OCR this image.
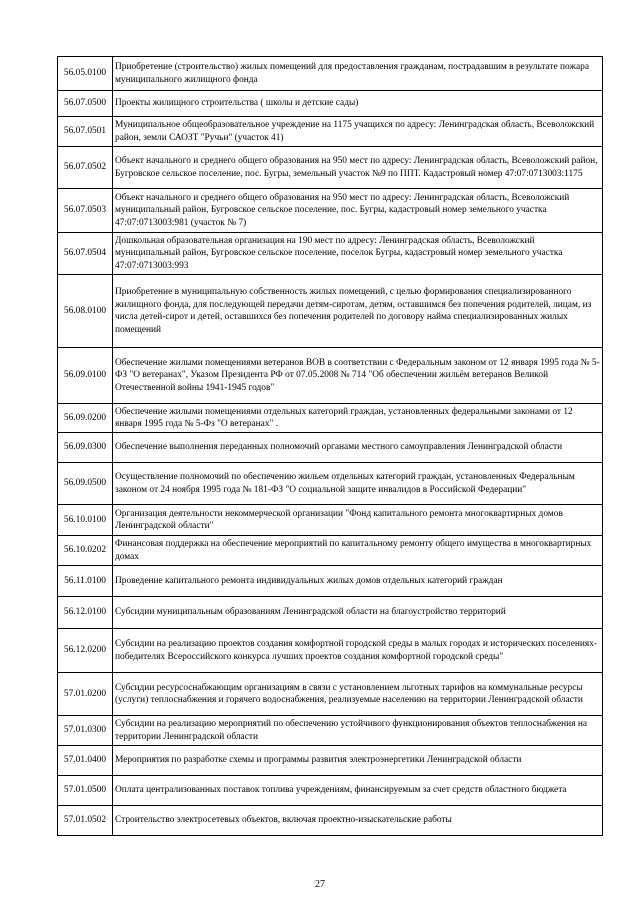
56.05.0100	Приобретение (строительство) жилых помещений для предоставления гражданам, пострадавшим в результате пожара муниципального жилищного фонда
56.07.0500	Проекты жилищного строительства ( школы и детские сады)
56.07.0501	Муниципальное общеобразовательное учреждение на 1175 учащихся по адресу: Ленинградская область, Всеволожский район, земли САОЗТ "Ручьи" (участок 41)
56.07.0502	Объект начального и среднего общего образования на 950 мест по адресу: Ленинградская область, Всеволожский район, Бугровское сельское поселение, пос. Бугры, земельный участок №9 по ППТ. Кадастровый номер 47:07:0713003:1175
56.07.0503	Объект начального и среднего общего образования на 950 мест по адресу: Ленинградская область, Всеволожский муниципальный район, Бугровское сельское поселение, пос. Бугры, кадастровый номер земельного участка 47:07:0713003:981 (участок № 7)
56.07.0504	Дошкольная образовательная организация на 190 мест по адресу: Ленинградская область, Всеволожский муниципальный район, Бугровское сельское поселение, поселок Бугры, кадастровый номер земельного участка 47:07:0713003:993
56.08.0100	Приобретение в муниципальную собственность жилых помещений, с целью формирования специализированного жилищного фонда, для последующей передачи детям-сиротам, детям, оставшимся без попечения родителей, лицам, из числа детей-сирот и детей, оставшихся без попечения родителей по договору найма специализированных жилых помещений
56.09.0100	Обеспечение жилыми помещениями ветеранов ВОВ в соответствии с Федеральным законом от 12 января 1995 года № 5-ФЗ "О ветеранах", Указом Президента РФ от 07.05.2008 № 714 "Об обеспечении жильём ветеранов Великой Отечественной войны 1941-1945 годов"
56.09.0200	Обеспечение жилыми помещениями отдельных категорий граждан, установленных федеральными законами от 12 января 1995 года № 5-Фз "О ветеранах" .
56.09.0300	Обеспечение выполнения переданных полномочий органами местного самоуправления Ленинградской области
56.09.0500	Осуществление полномочий по обеспечению жильем отдельных категорий граждан, установленных Федеральным законом от 24 ноября 1995 года № 181-ФЗ "О социальной защите инвалидов в Российской Федерации"
56.10.0100	Организация деятельности некоммерческой организации "Фонд капитального ремонта многоквартирных домов Ленинградской области"
56.10.0202	Финансовая поддержка на обеспечение мероприятий по капитальному ремонту общего имущества в многоквартирных домах
56.11.0100	Проведение капитального ремонта индивидуальных жилых домов отдельных категорий граждан
56.12.0100	Субсидии муниципальным образованиям Ленинградской области на благоустройство территорий
56.12.0200	Субсидии на реализацию проектов создания комфортной городской среды в малых городах и исторических поселениях-победителях Всероссийского конкурса лучших проектов создания комфортной городской среды"
57.01.0200	Субсидии ресурсоснабжающим организациям в связи с установлением льготных тарифов на коммунальные ресурсы (услуги) теплоснабжения и горячего водоснабжения, реализуемые населению на территории Ленинградской области
57.01.0300	Субсидии на реализацию мероприятий по обеспечению устойчивого функционирования объектов теплоснабжения на территории Ленинградской области
57.01.0400	Мероприятия по разработке схемы и программы развития электроэнергетики Ленинградской области
57.01.0500	Оплата централизованных поставок топлива учреждениям, финансируемым за счет средств областного бюджета
57.01.0502	Строительство электросетевых объектов, включая проектно-изыскательские работы
27
